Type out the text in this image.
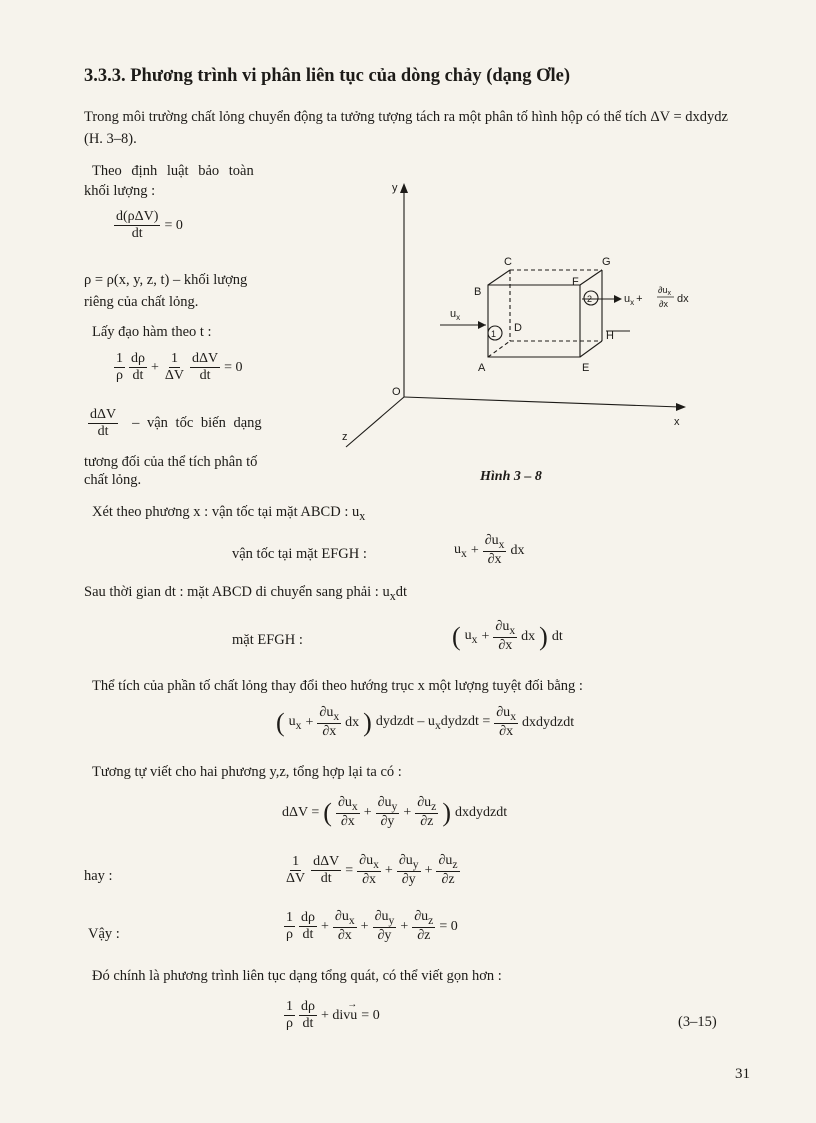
3.3.3. Phương trình vi phân liên tục của dòng chảy (dạng Ơle)
Trong môi trường chất lỏng chuyển động ta tưởng tượng tách ra một phân tố hình hộp có thể tích ΔV = dxdydz (H. 3–8).
Theo định luật bảo toàn
khối lượng :
$\frac{\text{d(ρΔV)}}{dt} = 0$
ρ = ρ(x, y, z, t) – khối lượng
riêng của chất lỏng.
Lấy đạo hàm theo t :
$\frac{1}{\rho} \frac{d\rho}{dt} + \frac{1}{\Delta V} \frac{\text{dΔV}}{dt} = 0$
$\frac{\text{dΔV}}{dt}$ – vận tốc biến dạng
tương đối của thể tích phân tố
chất lỏng.
y
x
z
O
A
B
C
D
E
F
G
H
$u_x$
1
2	$u_x$ +
$\partial u_x$
∂x dx
Hình 3 – 8
Xét theo phương x : vận tốc tại mặt ABCD : $u_x$
vận tốc tại mặt EFGH :	$u_x + \frac{\partial u_x}{\partial x}$ dx
Sau thời gian dt : mặt ABCD di chuyển sang phải : $u_xdt$
mặt EFGH :	( $u_x + \frac{\partial u_x}{\partial x}$ dx ) dt
Thể tích của phần tố chất lỏng thay đổi theo hướng trục x một lượng tuyệt đối bằng :
( $u_x + \frac{\partial u_x}{\partial x}$ dx ) dydzdt – $u_xdydzdt = \frac{\partial u_x}{\partial x}$ dxdydzdt
Tương tự viết cho hai phương y,z, tổng hợp lại ta có :
dΔV = ( $\frac{\partial u_x}{\partial x} + \frac{\partial u_y}{\partial y} + \frac{\partial u_z}{\partial z}$ ) dxdydzdt
hay :	$\frac{1}{\Delta V} \frac{\text{dΔV}}{dt} = \frac{\partial u_x}{\partial x} + \frac{\partial u_y}{\partial y} + \frac{\partial u_z}{\partial z}$
Vậy :	$\frac{1}{\rho} \frac{d\rho}{dt} + \frac{\partial u_x}{\partial x} + \frac{\partial u_y}{\partial y} + \frac{\partial u_z}{\partial z} = 0$
Đó chính là phương trình liên tục dạng tổng quát, có thể viết gọn hơn :
$\frac{1}{\rho} \frac{d\rho}{dt}$ + divu
→
= 0	(3–15)
31
